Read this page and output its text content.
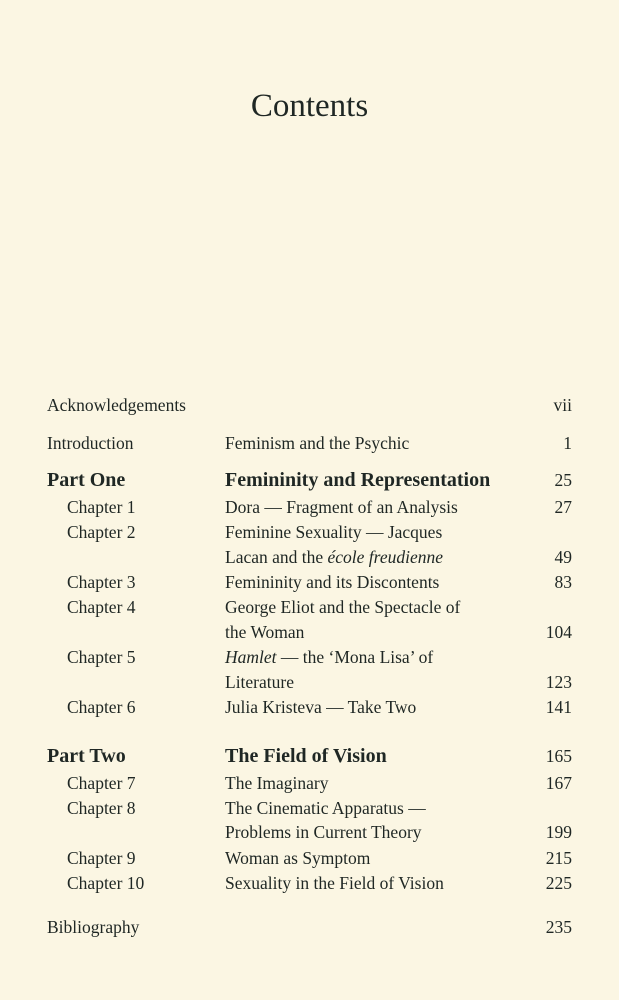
Contents
Acknowledgements	vii
Introduction	Feminism and the Psychic	1
Part One	Femininity and Representation	25
Chapter 1	Dora — Fragment of an Analysis	27
Chapter 2	Feminine Sexuality — Jacques
Lacan and the école freudienne	49
Chapter 3	Femininity and its Discontents	83
Chapter 4	George Eliot and the Spectacle of
the Woman	104
Chapter 5	Hamlet — the ‘Mona Lisa’ of
Literature	123
Chapter 6	Julia Kristeva — Take Two	141
Part Two	The Field of Vision	165
Chapter 7	The Imaginary	167
Chapter 8	The Cinematic Apparatus —
Problems in Current Theory	199
Chapter 9	Woman as Symptom	215
Chapter 10	Sexuality in the Field of Vision	225
Bibliography	235
